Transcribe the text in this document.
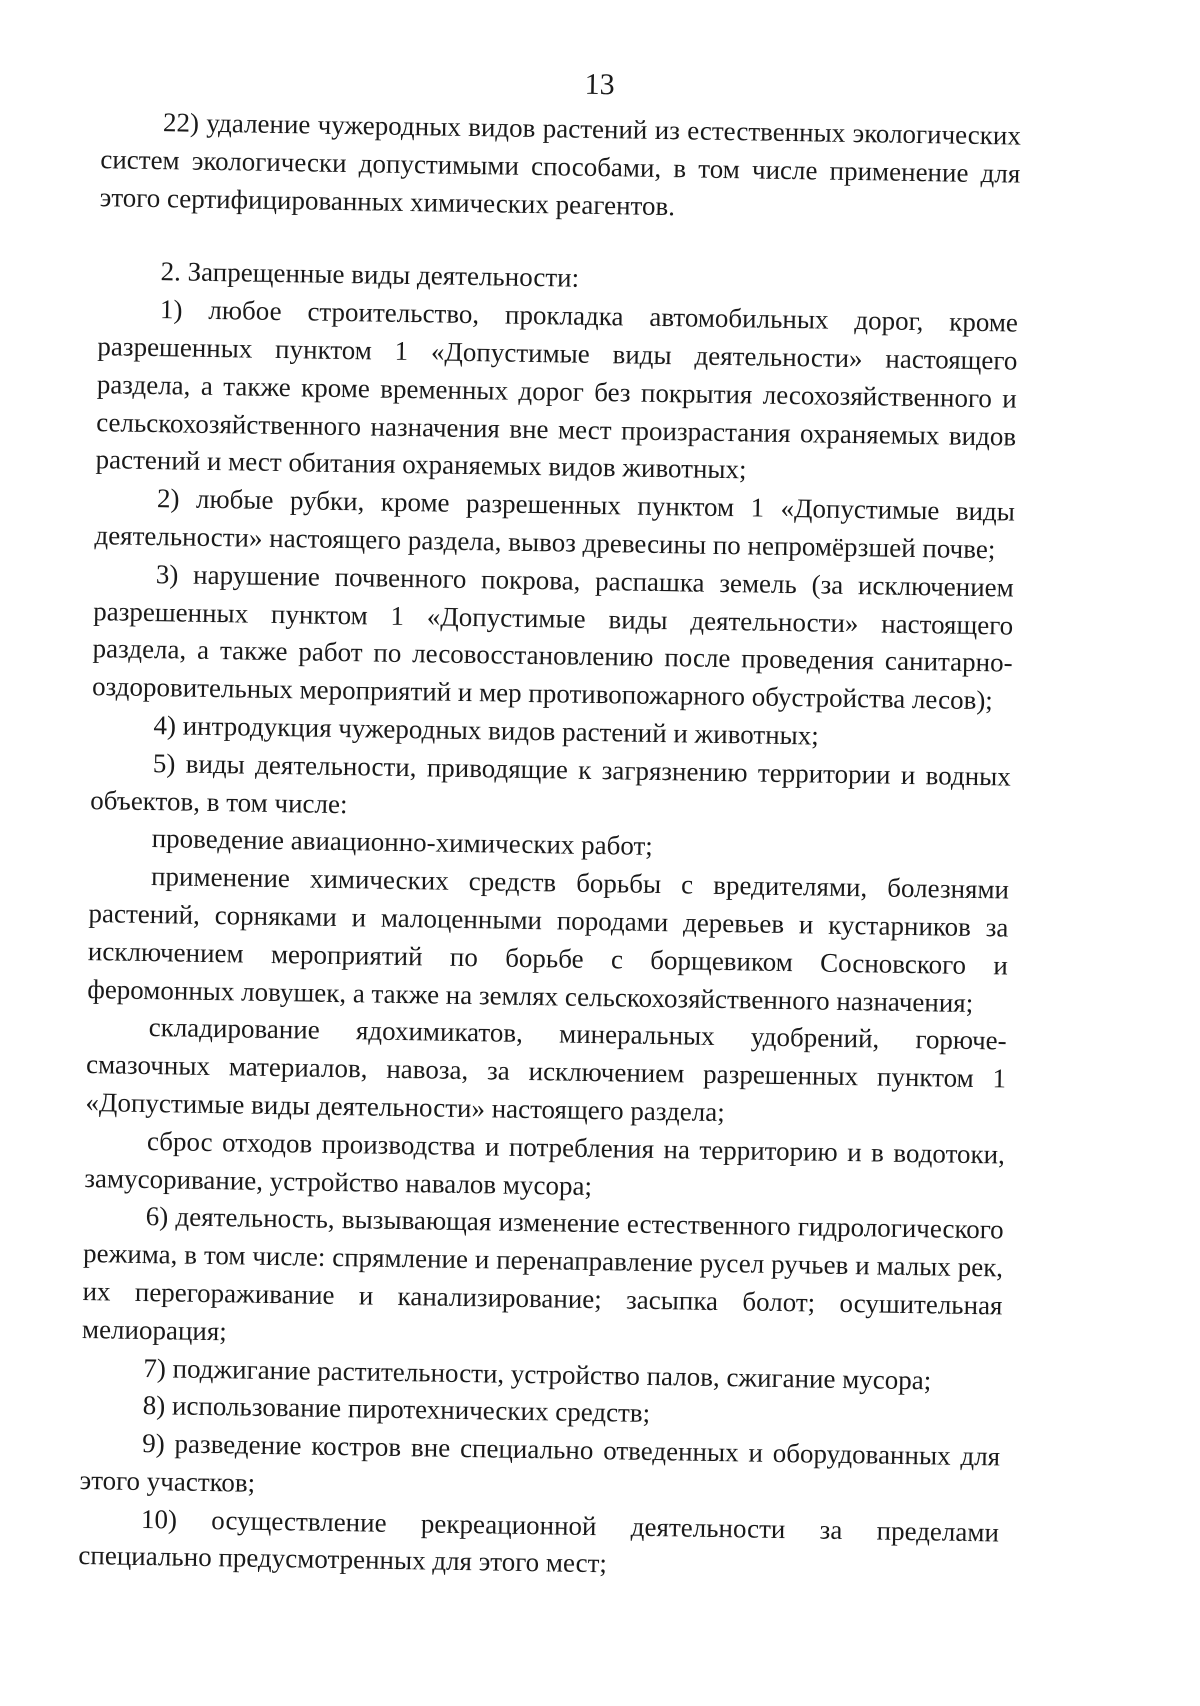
13

22) удаление чужеродных видов растений из естественных экологических систем экологически допустимыми способами, в том числе применение для этого сертифицированных химических реагентов.

2. Запрещенные виды деятельности:

1) любое строительство, прокладка автомобильных дорог, кроме разрешенных пунктом 1 «Допустимые виды деятельности» настоящего раздела, а также кроме временных дорог без покрытия лесохозяйственного и сельскохозяйственного назначения вне мест произрастания охраняемых видов растений и мест обитания охраняемых видов животных;

2) любые рубки, кроме разрешенных пунктом 1 «Допустимые виды деятельности» настоящего раздела, вывоз древесины по непромёрзшей почве;

3) нарушение почвенного покрова, распашка земель (за исключением разрешенных пунктом 1 «Допустимые виды деятельности» настоящего раздела, а также работ по лесовосстановлению после проведения санитарно-оздоровительных мероприятий и мер противопожарного обустройства лесов);

4) интродукция чужеродных видов растений и животных;

5) виды деятельности, приводящие к загрязнению территории и водных объектов, в том числе:

проведение авиационно-химических работ;

применение химических средств борьбы с вредителями, болезнями растений, сорняками и малоценными породами деревьев и кустарников за исключением мероприятий по борьбе с борщевиком Сосновского и феромонных ловушек, а также на землях сельскохозяйственного назначения;

складирование ядохимикатов, минеральных удобрений, горюче-смазочных материалов, навоза, за исключением разрешенных пунктом 1 «Допустимые виды деятельности» настоящего раздела;

сброс отходов производства и потребления на территорию и в водотоки, замусоривание, устройство навалов мусора;

6) деятельность, вызывающая изменение естественного гидрологического режима, в том числе: спрямление и перенаправление русел ручьев и малых рек, их перегораживание и канализирование; засыпка болот; осушительная мелиорация;

7) поджигание растительности, устройство палов, сжигание мусора;

8) использование пиротехнических средств;

9) разведение костров вне специально отведенных и оборудованных для этого участков;

10) осуществление рекреационной деятельности за пределами специально предусмотренных для этого мест;
